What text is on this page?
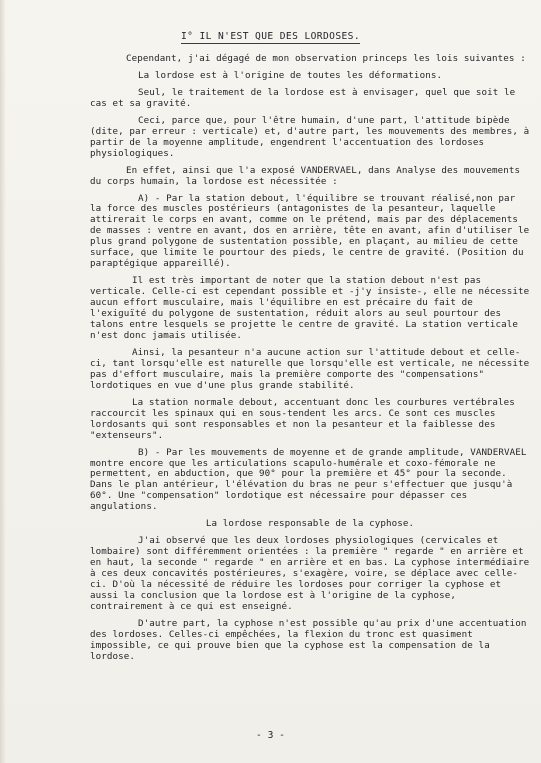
I° IL N'EST QUE DES LORDOSES.

Cependant, j'ai dégagé de mon observation princeps les lois suivantes :

La lordose est à l'origine de toutes les déformations.

Seul, le traitement de la lordose est à envisager, quel que soit le cas et sa gravité.

Ceci, parce que, pour l'être humain, d'une part, l'attitude bipède (dite, par erreur : verticale) et, d'autre part, les mouvements des membres, à partir de la moyenne amplitude, engendrent l'accentuation des lordoses physiologiques.

En effet, ainsi que l'a exposé VANDERVAEL, dans Analyse des mouvements du corps humain, la lordose est nécessitée :

A) - Par la station debout, l'équilibre se trouvant réalisé,non par la force des muscles postérieurs (antagonistes de la pesanteur, laquelle attirerait le corps en avant, comme on le prétend, mais par des déplacements de masses : ventre en avant, dos en arrière, tête en avant, afin d'utiliser le plus grand polygone de sustentation possible, en plaçant, au milieu de cette surface, que limite le pourtour des pieds, le centre de gravité. (Position du paraptégique appareillé).

Il est très important de noter que la station debout n'est pas verticale. Celle-ci est cependant possible et -j'y insiste-, elle ne nécessite aucun effort musculaire, mais l'équilibre en est précaire du fait de l'exiguïté du polygone de sustentation, réduit alors au seul pourtour des talons entre lesquels se projette le centre de gravité. La station verticale n'est donc jamais utilisée.

Ainsi, la pesanteur n'a aucune action sur l'attitude debout et celle-ci, tant lorsqu'elle est naturelle que lorsqu'elle est verticale, ne nécessite pas d'effort musculaire, mais la première comporte des "compensations" lordotiques en vue d'une plus grande stabilité.

La station normale debout, accentuant donc les courbures vertébrales raccourcit les spinaux qui en sous-tendent les arcs. Ce sont ces muscles lordosants qui sont responsables et non la pesanteur et la faiblesse des "extenseurs".

B) - Par les mouvements de moyenne et de grande amplitude, VANDERVAEL montre encore que les articulations scapulo-humérale et coxo-fémorale ne permettent, en abduction, que 90° pour la première et 45° pour la seconde. Dans le plan antérieur, l'élévation du bras ne peur s'effectuer que jusqu'à 60°. Une "compensation" lordotique est nécessaire pour dépasser ces angulations.

La lordose responsable de la cyphose.

J'ai observé que les deux lordoses physiologiques (cervicales et lombaire) sont différemment orientées : la première " regarde " en arrière et en haut, la seconde " regarde " en arrière et en bas. La cyphose intermédiaire à ces deux concavités postérieures, s'exagère, voire, se déplace avec celle-ci. D'où la nécessité de réduire les lordoses pour corriger la cyphose et aussi la conclusion que la lordose est à l'origine de la cyphose, contrairement à ce qui est enseigné.

D'autre part, la cyphose n'est possible qu'au prix d'une accentuation des lordoses. Celles-ci empêchées, la flexion du tronc est quasiment impossible, ce qui prouve bien que la cyphose est la compensation de la lordose.

- 3 -
